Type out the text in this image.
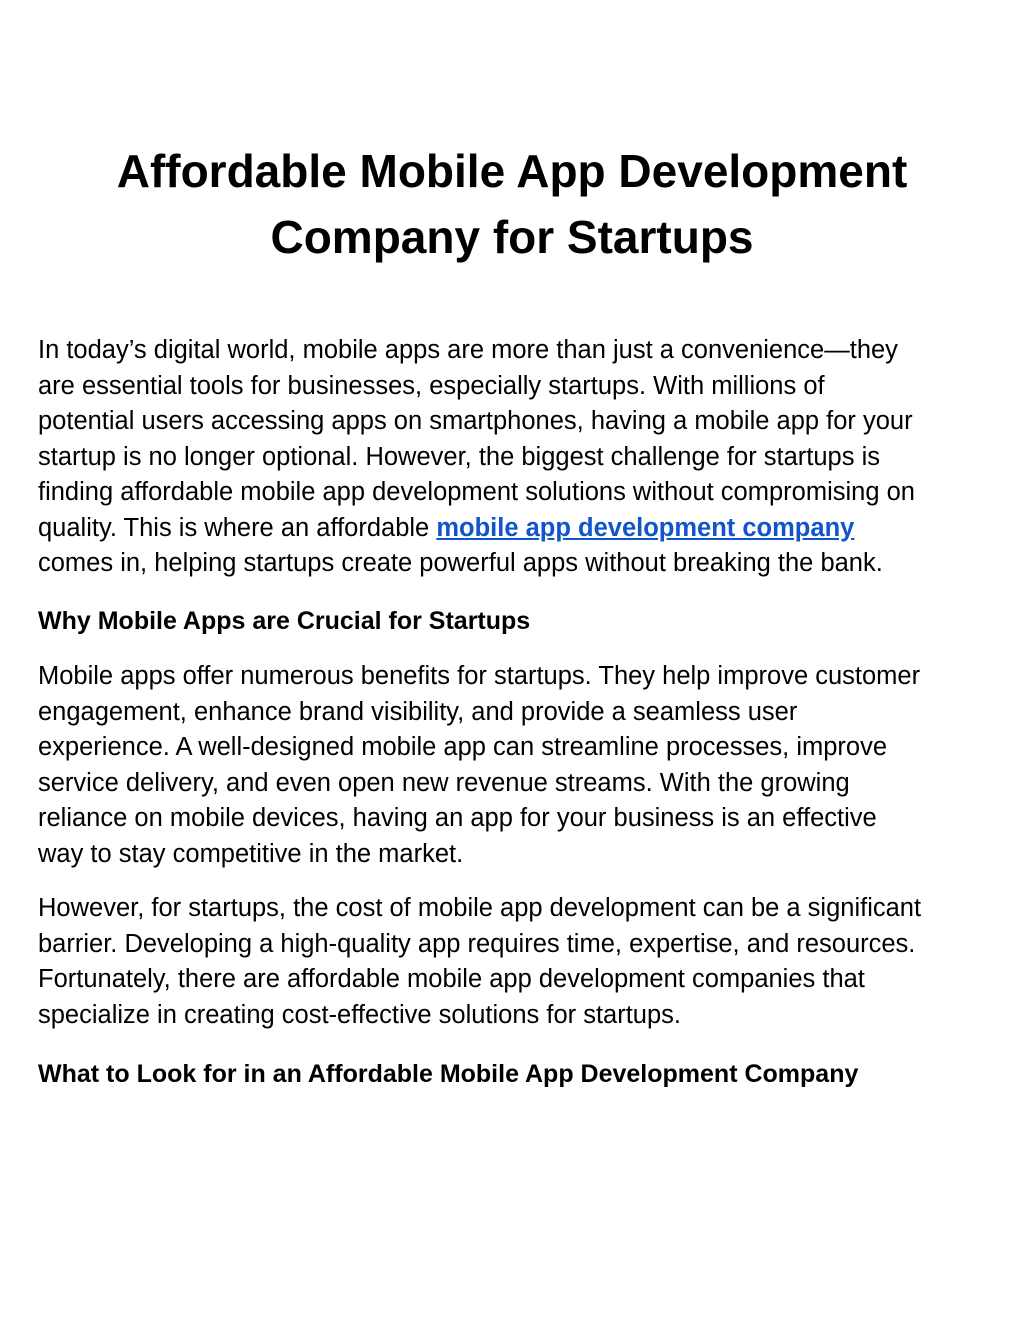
Affordable Mobile App Development
Company for Startups

In today’s digital world, mobile apps are more than just a convenience—they
are essential tools for businesses, especially startups. With millions of
potential users accessing apps on smartphones, having a mobile app for your
startup is no longer optional. However, the biggest challenge for startups is
finding affordable mobile app development solutions without compromising on
quality. This is where an affordable mobile app development company
comes in, helping startups create powerful apps without breaking the bank.

Why Mobile Apps are Crucial for Startups

Mobile apps offer numerous benefits for startups. They help improve customer
engagement, enhance brand visibility, and provide a seamless user
experience. A well-designed mobile app can streamline processes, improve
service delivery, and even open new revenue streams. With the growing
reliance on mobile devices, having an app for your business is an effective
way to stay competitive in the market.

However, for startups, the cost of mobile app development can be a significant
barrier. Developing a high-quality app requires time, expertise, and resources.
Fortunately, there are affordable mobile app development companies that
specialize in creating cost-effective solutions for startups.

What to Look for in an Affordable Mobile App Development Company
